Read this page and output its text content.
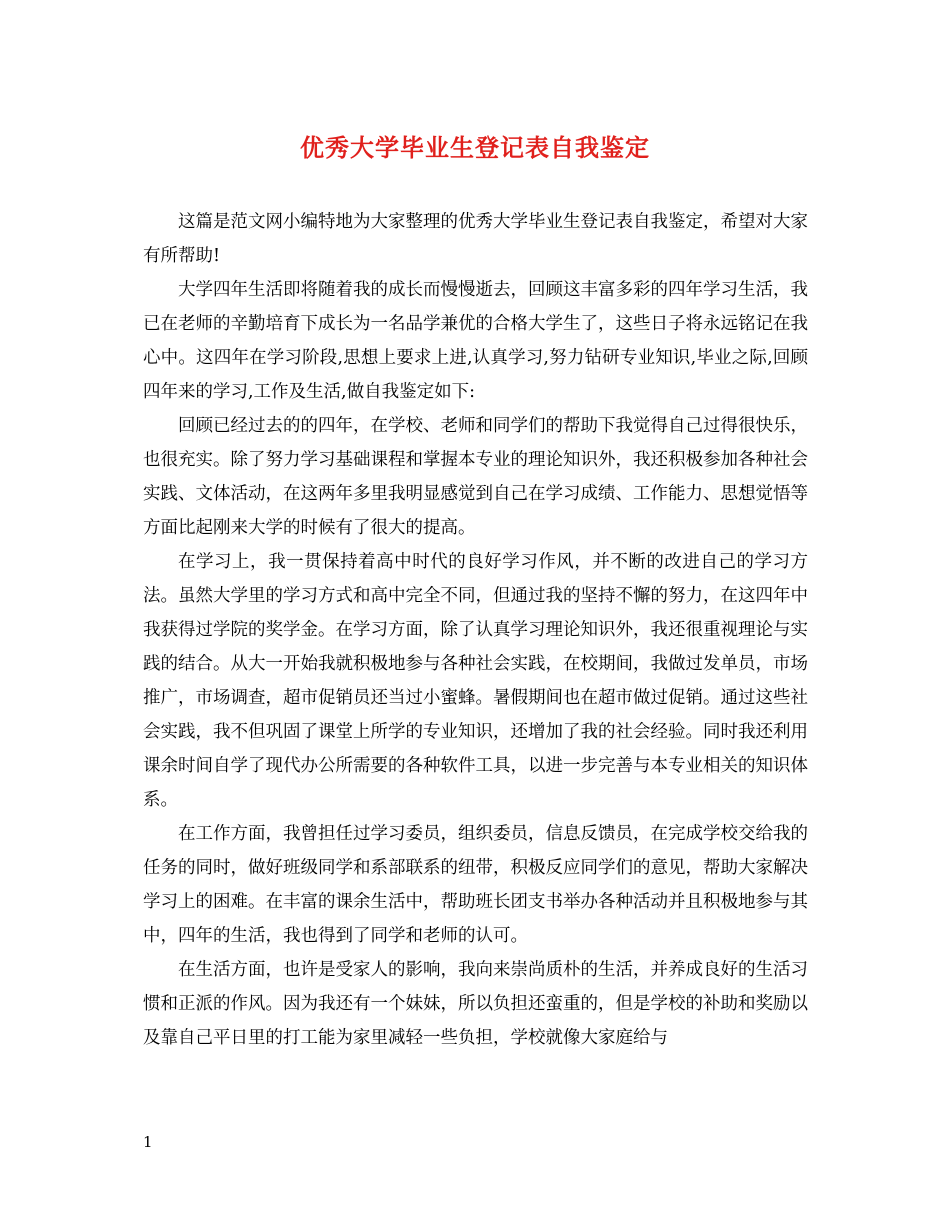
优秀大学毕业生登记表自我鉴定

这篇是范文网小编特地为大家整理的优秀大学毕业生登记表自我鉴定，希望对大家有所帮助!

大学四年生活即将随着我的成长而慢慢逝去，回顾这丰富多彩的四年学习生活，我已在老师的辛勤培育下成长为一名品学兼优的合格大学生了，这些日子将永远铭记在我心中。这四年在学习阶段,思想上要求上进,认真学习,努力钻研专业知识,毕业之际,回顾四年来的学习,工作及生活,做自我鉴定如下:

回顾已经过去的的四年，在学校、老师和同学们的帮助下我觉得自己过得很快乐，也很充实。除了努力学习基础课程和掌握本专业的理论知识外，我还积极参加各种社会实践、文体活动，在这两年多里我明显感觉到自己在学习成绩、工作能力、思想觉悟等方面比起刚来大学的时候有了很大的提高。

在学习上，我一贯保持着高中时代的良好学习作风，并不断的改进自己的学习方法。虽然大学里的学习方式和高中完全不同，但通过我的坚持不懈的努力，在这四年中我获得过学院的奖学金。在学习方面，除了认真学习理论知识外，我还很重视理论与实践的结合。从大一开始我就积极地参与各种社会实践，在校期间，我做过发单员，市场推广，市场调查，超市促销员还当过小蜜蜂。暑假期间也在超市做过促销。通过这些社会实践，我不但巩固了课堂上所学的专业知识，还增加了我的社会经验。同时我还利用课余时间自学了现代办公所需要的各种软件工具，以进一步完善与本专业相关的知识体系。

在工作方面，我曾担任过学习委员，组织委员，信息反馈员，在完成学校交给我的任务的同时，做好班级同学和系部联系的纽带，积极反应同学们的意见，帮助大家解决学习上的困难。在丰富的课余生活中，帮助班长团支书举办各种活动并且积极地参与其中，四年的生活，我也得到了同学和老师的认可。

在生活方面，也许是受家人的影响，我向来崇尚质朴的生活，并养成良好的生活习惯和正派的作风。因为我还有一个妹妹，所以负担还蛮重的，但是学校的补助和奖励以及靠自己平日里的打工能为家里减轻一些负担，学校就像大家庭给与

1
